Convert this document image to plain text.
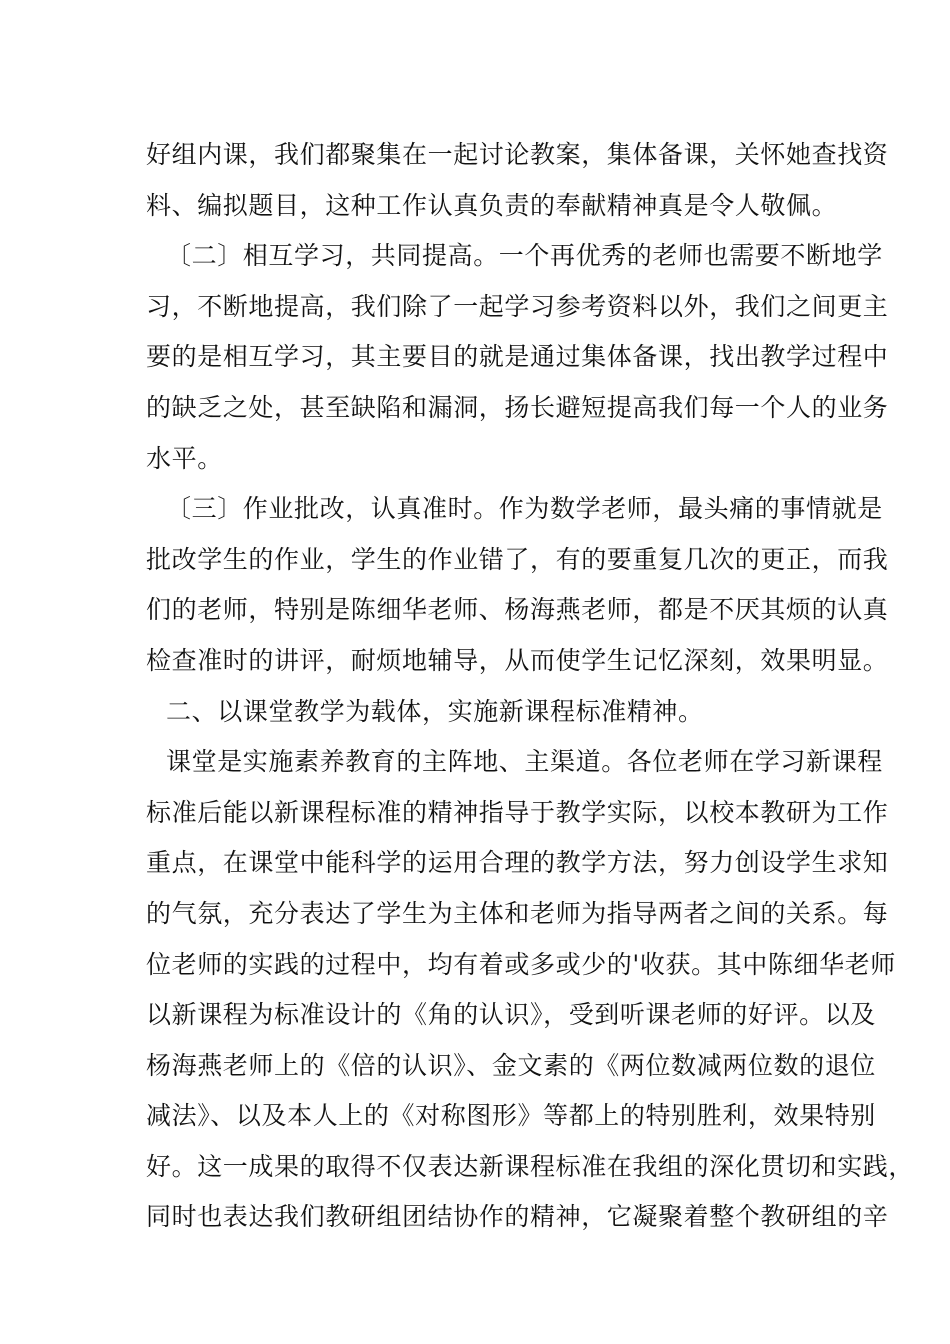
好组内课，我们都聚集在一起讨论教案，集体备课，关怀她查找资
料、编拟题目，这种工作认真负责的奉献精神真是令人敬佩。
〔二〕相互学习，共同提高。一个再优秀的老师也需要不断地学
习，不断地提高，我们除了一起学习参考资料以外，我们之间更主
要的是相互学习，其主要目的就是通过集体备课，找出教学过程中
的缺乏之处，甚至缺陷和漏洞，扬长避短提高我们每一个人的业务
水平。
〔三〕作业批改，认真准时。作为数学老师，最头痛的事情就是
批改学生的作业，学生的作业错了，有的要重复几次的更正，而我
们的老师，特别是陈细华老师、杨海燕老师，都是不厌其烦的认真
检查准时的讲评，耐烦地辅导，从而使学生记忆深刻，效果明显。
二、以课堂教学为载体，实施新课程标准精神。
课堂是实施素养教育的主阵地、主渠道。各位老师在学习新课程
标准后能以新课程标准的精神指导于教学实际，以校本教研为工作
重点，在课堂中能科学的运用合理的教学方法，努力创设学生求知
的气氛，充分表达了学生为主体和老师为指导两者之间的关系。每
位老师的实践的过程中，均有着或多或少的'收获。其中陈细华老师
以新课程为标准设计的《角的认识》，受到听课老师的好评。以及
杨海燕老师上的《倍的认识》、金文素的《两位数减两位数的退位
减法》、以及本人上的《对称图形》等都上的特别胜利，效果特别
好。这一成果的取得不仅表达新课程标准在我组的深化贯切和实践，
同时也表达我们教研组团结协作的精神，它凝聚着整个教研组的辛
